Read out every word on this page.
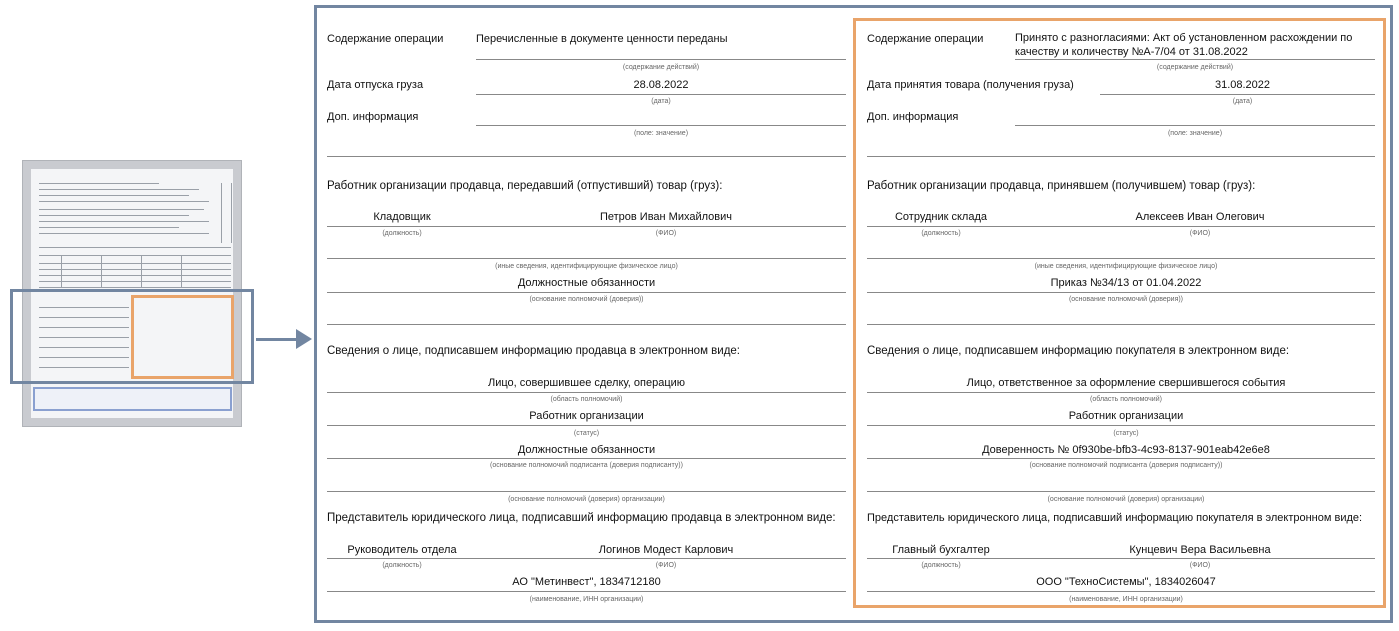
Содержание операции	Перечисленные в документе ценности переданы
(содержание действий)
Дата отпуска груза	28.08.2022
(дата)
Доп. информация
(поле: значение)
Работник организации продавца, передавший (отпустивший) товар (груз):
Кладовщик	Петров Иван Михайлович
(должность)	(ФИО)
(иные сведения, идентифицирующие физическое лицо)
Должностные обязанности
(основание полномочий (доверия))
Сведения о лице, подписавшем информацию продавца в электронном виде:
Лицо, совершившее сделку, операцию
(область полномочий)
Работник организации
(статус)
Должностные обязанности
(основание полномочий подписанта (доверия подписанту))
(основание полномочий (доверия) организации)
Представитель юридического лица, подписавший информацию продавца в электронном виде:
Руководитель отдела	Логинов Модест Карлович
(должность)	(ФИО)
АО "Метинвест", 1834712180
(наименование, ИНН организации)
Содержание операции	Принято с разногласиями: Акт об установленном расхождении по
качеству и количеству №А-7/04 от 31.08.2022
(содержание действий)
Дата принятия товара (получения груза)	31.08.2022
(дата)
Доп. информация
(поле: значение)
Работник организации продавца, принявшем (получившем) товар (груз):
Сотрудник склада	Алексеев Иван Олегович
(должность)	(ФИО)
(иные сведения, идентифицирующие физическое лицо)
Приказ №34/13 от 01.04.2022
(основание полномочий (доверия))
Сведения о лице, подписавшем информацию покупателя в электронном виде:
Лицо, ответственное за оформление свершившегося события
(область полномочий)
Работник организации
(статус)
Доверенность № 0f930be-bfb3-4c93-8137-901eab42e6e8
(основание полномочий подписанта (доверия подписанту))
(основание полномочий (доверия) организации)
Представитель юридического лица, подписавший информацию покупателя в электронном виде:
Главный бухгалтер	Кунцевич Вера Васильевна
(должность)	(ФИО)
ООО "ТехноСистемы", 1834026047
(наименование, ИНН организации)
